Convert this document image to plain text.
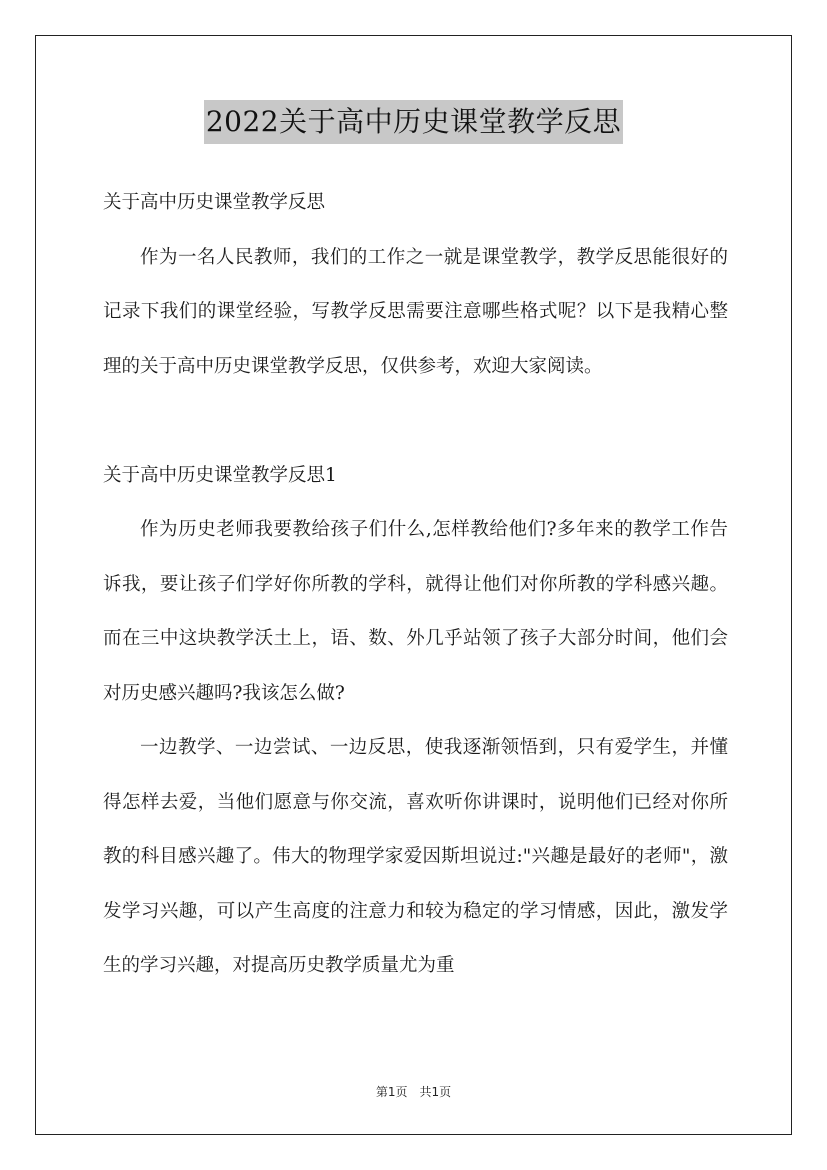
2022关于高中历史课堂教学反思

关于高中历史课堂教学反思

作为一名人民教师，我们的工作之一就是课堂教学，教学反思能很好的记录下我们的课堂经验，写教学反思需要注意哪些格式呢？以下是我精心整理的关于高中历史课堂教学反思，仅供参考，欢迎大家阅读。

关于高中历史课堂教学反思1

作为历史老师我要教给孩子们什么,怎样教给他们?多年来的教学工作告诉我，要让孩子们学好你所教的学科，就得让他们对你所教的学科感兴趣。而在三中这块教学沃土上，语、数、外几乎站领了孩子大部分时间，他们会对历史感兴趣吗?我该怎么做?

一边教学、一边尝试、一边反思，使我逐渐领悟到，只有爱学生，并懂得怎样去爱，当他们愿意与你交流，喜欢听你讲课时，说明他们已经对你所教的科目感兴趣了。伟大的物理学家爱因斯坦说过:"兴趣是最好的老师"，激发学习兴趣，可以产生高度的注意力和较为稳定的学习情感，因此，激发学生的学习兴趣，对提高历史教学质量尤为重

第1页 共1页
